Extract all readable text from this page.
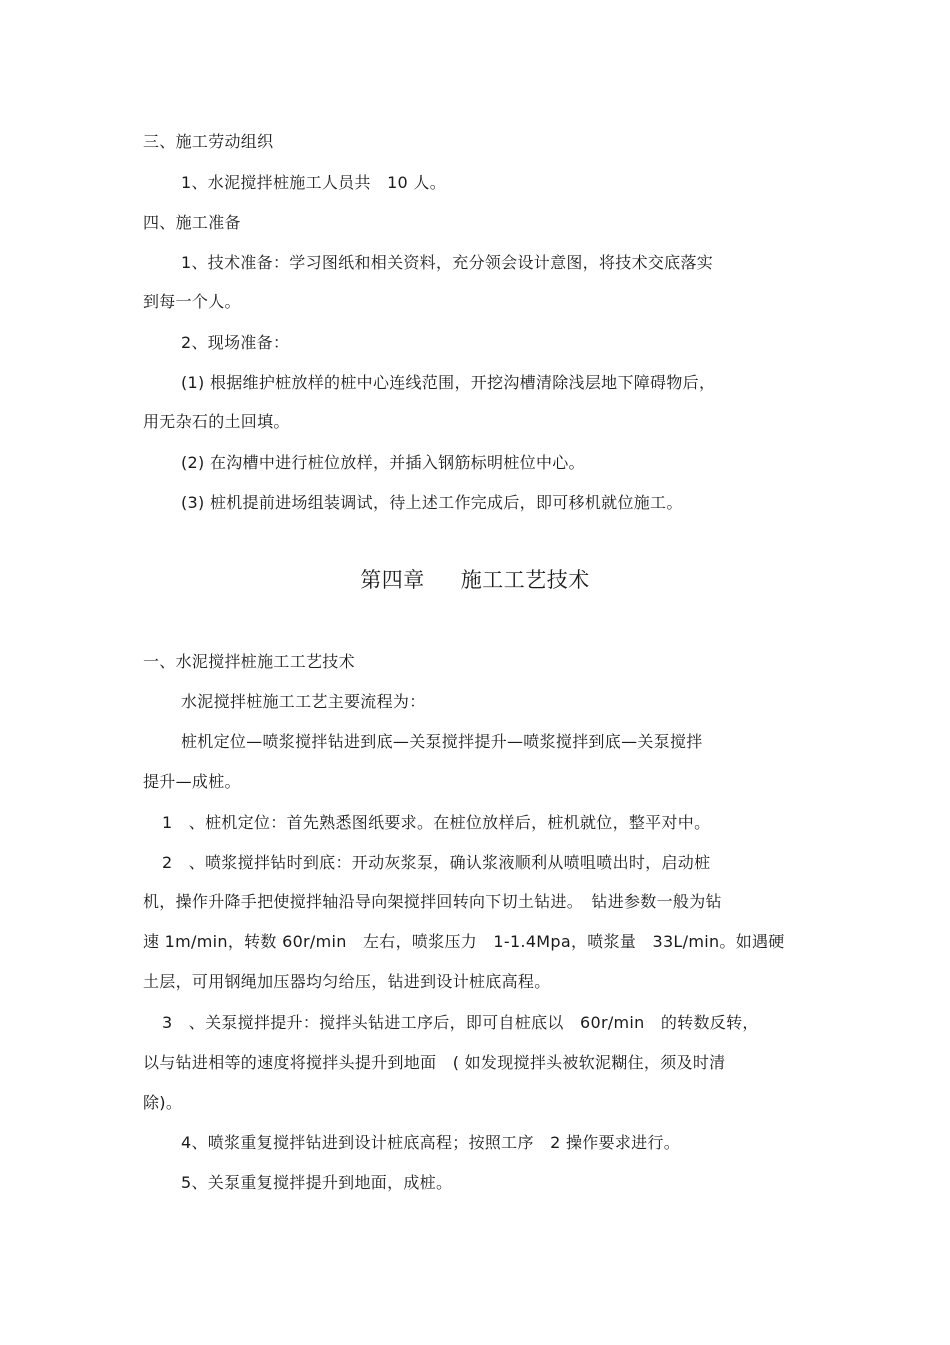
三、施工劳动组织
1、水泥搅拌桩施工人员共　10 人。
四、施工准备
1、技术准备：学习图纸和相关资料，充分领会设计意图，将技术交底落实
到每一个人。
2、现场准备：
(1) 根据维护桩放样的桩中心连线范围，开挖沟槽清除浅层地下障碍物后，
用无杂石的土回填。
(2) 在沟槽中进行桩位放样，并插入钢筋标明桩位中心。
(3) 桩机提前进场组装调试，待上述工作完成后，即可移机就位施工。
第四章 施工工艺技术
一、水泥搅拌桩施工工艺技术
水泥搅拌桩施工工艺主要流程为：
桩机定位—喷浆搅拌钻进到底—关泵搅拌提升—喷浆搅拌到底—关泵搅拌
提升—成桩。
1　、桩机定位：首先熟悉图纸要求。在桩位放样后，桩机就位，整平对中。
2　、喷浆搅拌钻时到底：开动灰浆泵，确认浆液顺利从喷咀喷出时，启动桩
机，操作升降手把使搅拌轴沿导向架搅拌回转向下切土钻进。　钻进参数一般为钻
速 1m/min，转数 60r/min　左右，喷浆压力　1-1.4Mpa，喷浆量　33L/min。如遇硬
土层，可用钢绳加压器均匀给压，钻进到设计桩底高程。
3　、关泵搅拌提升：搅拌头钻进工序后，即可自桩底以　60r/min　的转数反转，
以与钻进相等的速度将搅拌头提升到地面　( 如发现搅拌头被软泥糊住，须及时清
除)。
4、喷浆重复搅拌钻进到设计桩底高程；按照工序　2 操作要求进行。
5、关泵重复搅拌提升到地面，成桩。
